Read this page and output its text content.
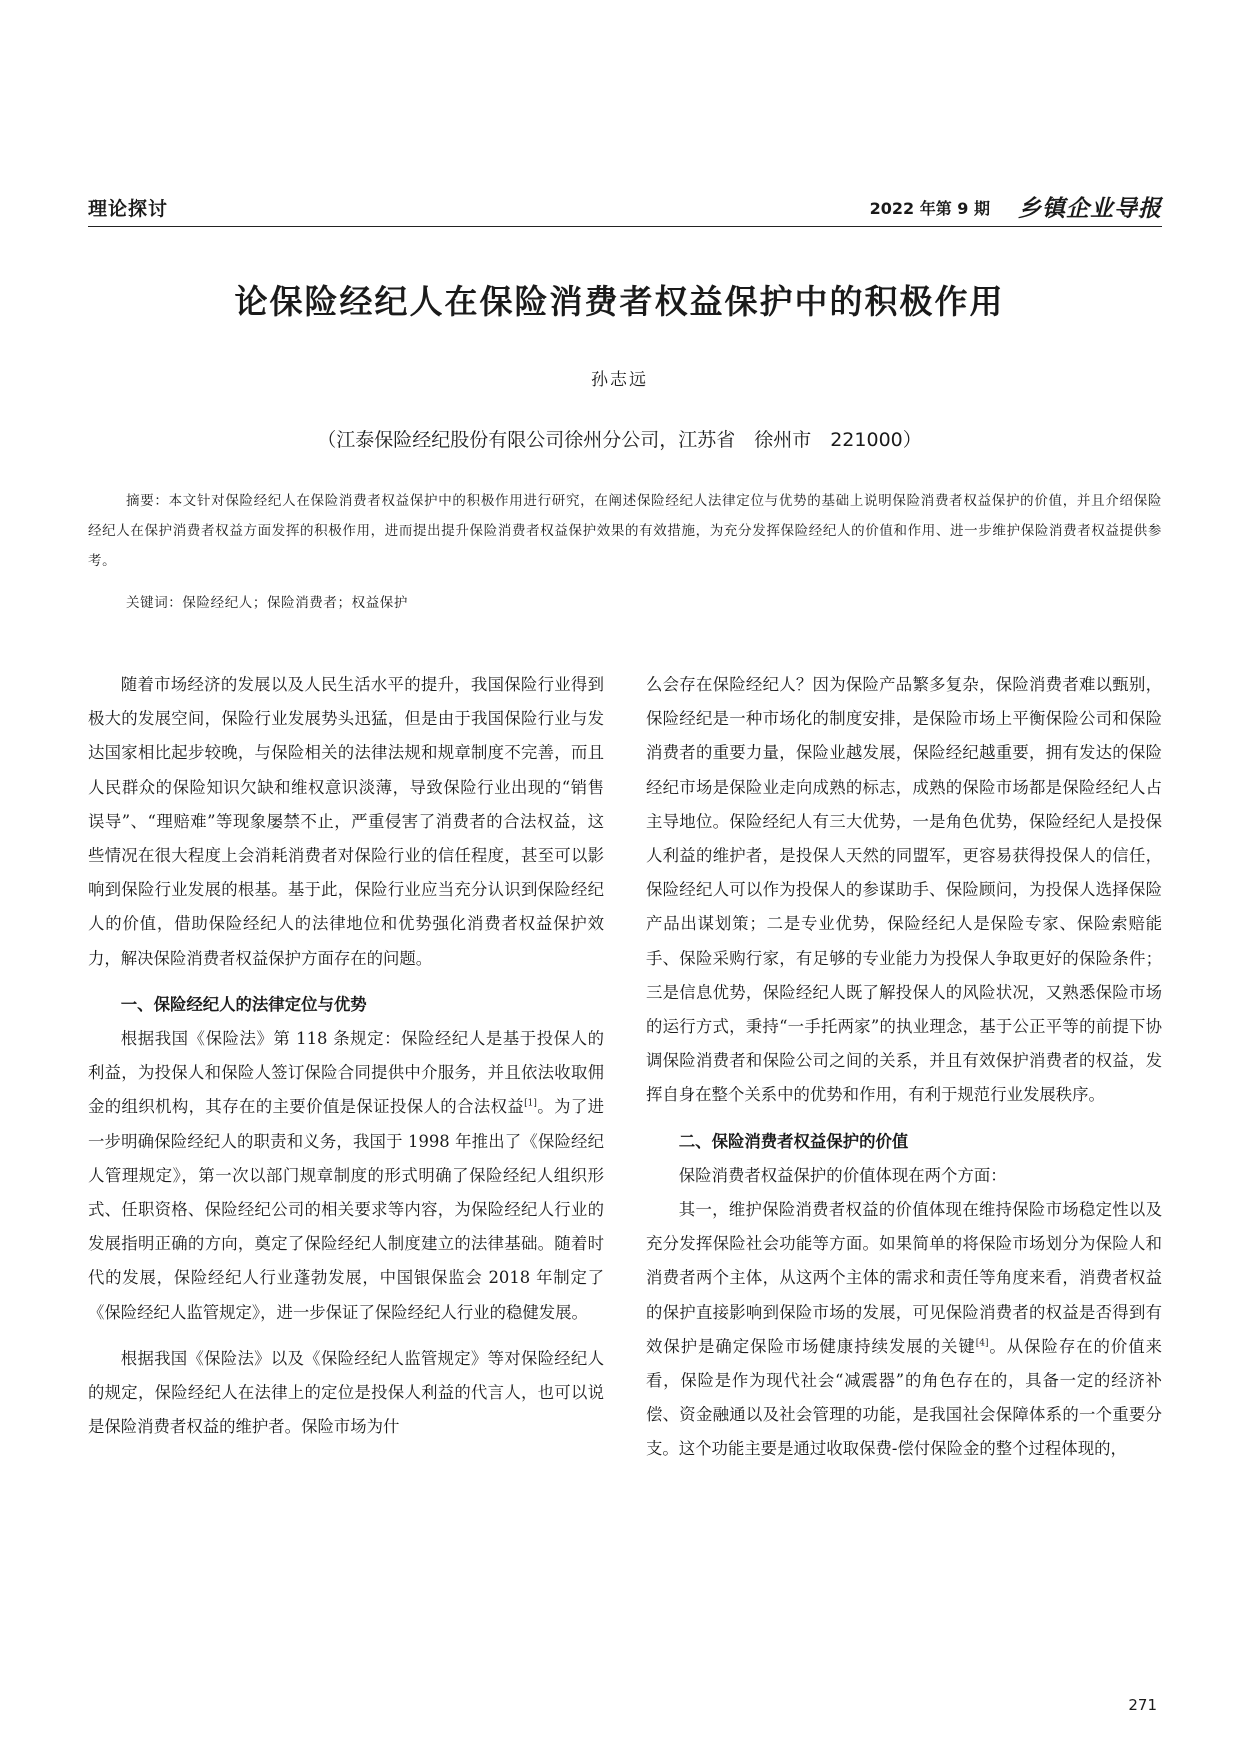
理论探讨	2022 年第 9 期 乡镇企业导报
论保险经纪人在保险消费者权益保护中的积极作用
孙志远
（江泰保险经纪股份有限公司徐州分公司，江苏省　徐州市　221000）

摘要：本文针对保险经纪人在保险消费者权益保护中的积极作用进行研究，在阐述保险经纪人法律定位与优势的基础上说明保险消费者权益保护的价值，并且介绍保险经纪人在保护消费者权益方面发挥的积极作用，进而提出提升保险消费者权益保护效果的有效措施，为充分发挥保险经纪人的价值和作用、进一步维护保险消费者权益提供参考。

关键词：保险经纪人；保险消费者；权益保护

随着市场经济的发展以及人民生活水平的提升，我国保险行业得到极大的发展空间，保险行业发展势头迅猛，但是由于我国保险行业与发达国家相比起步较晚，与保险相关的法律法规和规章制度不完善，而且人民群众的保险知识欠缺和维权意识淡薄，导致保险行业出现的“销售误导”、“理赔难”等现象屡禁不止，严重侵害了消费者的合法权益，这些情况在很大程度上会消耗消费者对保险行业的信任程度，甚至可以影响到保险行业发展的根基。基于此，保险行业应当充分认识到保险经纪人的价值，借助保险经纪人的法律地位和优势强化消费者权益保护效力，解决保险消费者权益保护方面存在的问题。

一、保险经纪人的法律定位与优势

根据我国《保险法》第 118 条规定：保险经纪人是基于投保人的利益，为投保人和保险人签订保险合同提供中介服务，并且依法收取佣金的组织机构，其存在的主要价值是保证投保人的合法权益[1]。为了进一步明确保险经纪人的职责和义务，我国于 1998 年推出了《保险经纪人管理规定》，第一次以部门规章制度的形式明确了保险经纪人组织形式、任职资格、保险经纪公司的相关要求等内容，为保险经纪人行业的发展指明正确的方向，奠定了保险经纪人制度建立的法律基础。随着时代的发展，保险经纪人行业蓬勃发展，中国银保监会 2018 年制定了《保险经纪人监管规定》，进一步保证了保险经纪人行业的稳健发展。

根据我国《保险法》以及《保险经纪人监管规定》等对保险经纪人的规定，保险经纪人在法律上的定位是投保人利益的代言人，也可以说是保险消费者权益的维护者。保险市场为什

么会存在保险经纪人？因为保险产品繁多复杂，保险消费者难以甄别，保险经纪是一种市场化的制度安排，是保险市场上平衡保险公司和保险消费者的重要力量，保险业越发展，保险经纪越重要，拥有发达的保险经纪市场是保险业走向成熟的标志，成熟的保险市场都是保险经纪人占主导地位。保险经纪人有三大优势，一是角色优势，保险经纪人是投保人利益的维护者，是投保人天然的同盟军，更容易获得投保人的信任，保险经纪人可以作为投保人的参谋助手、保险顾问，为投保人选择保险产品出谋划策；二是专业优势，保险经纪人是保险专家、保险索赔能手、保险采购行家，有足够的专业能力为投保人争取更好的保险条件；三是信息优势，保险经纪人既了解投保人的风险状况，又熟悉保险市场的运行方式，秉持“一手托两家”的执业理念，基于公正平等的前提下协调保险消费者和保险公司之间的关系，并且有效保护消费者的权益，发挥自身在整个关系中的优势和作用，有利于规范行业发展秩序。

二、保险消费者权益保护的价值

保险消费者权益保护的价值体现在两个方面：

其一，维护保险消费者权益的价值体现在维持保险市场稳定性以及充分发挥保险社会功能等方面。如果简单的将保险市场划分为保险人和消费者两个主体，从这两个主体的需求和责任等角度来看，消费者权益的保护直接影响到保险市场的发展，可见保险消费者的权益是否得到有效保护是确定保险市场健康持续发展的关键[4]。从保险存在的价值来看，保险是作为现代社会“减震器”的角色存在的，具备一定的经济补偿、资金融通以及社会管理的功能，是我国社会保障体系的一个重要分支。这个功能主要是通过收取保费-偿付保险金的整个过程体现的，

271
